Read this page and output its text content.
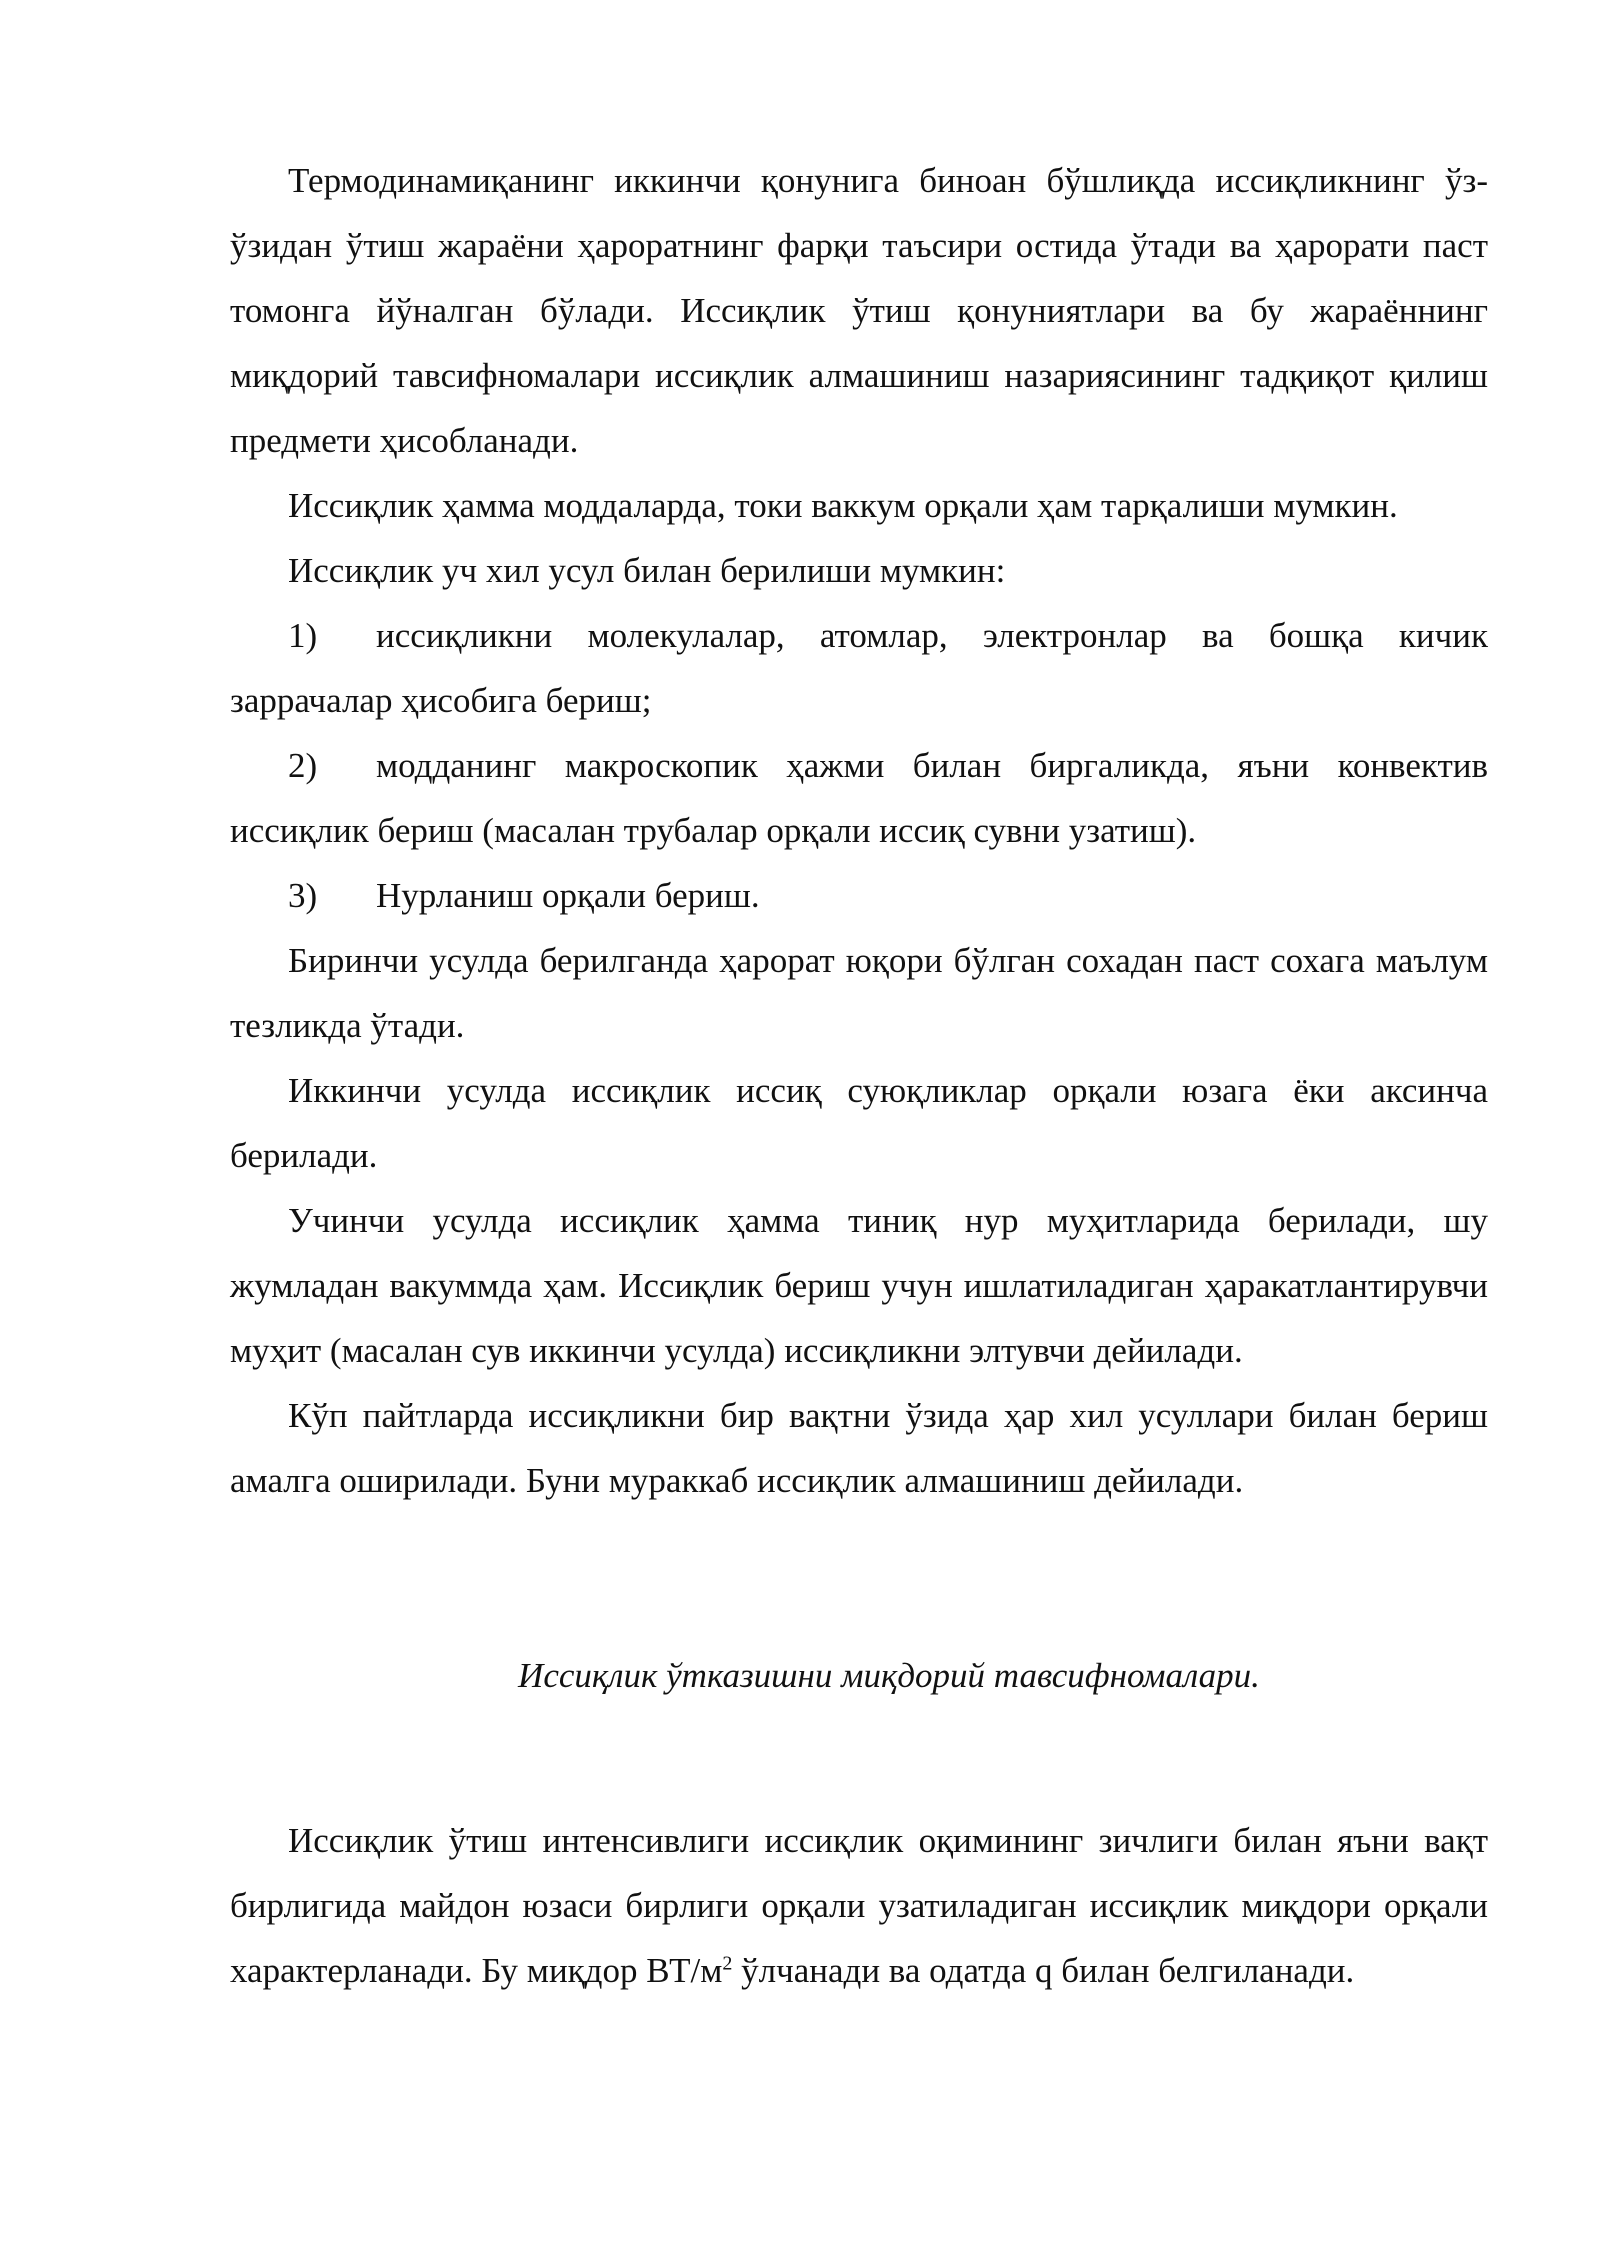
Термодинамиқанинг иккинчи қонунига биноан бўшлиқда иссиқликнинг ўз-ўзидан ўтиш жараёни ҳароратнинг фарқи таъсири остида ўтади ва ҳарорати паст томонга йўналган бўлади. Иссиқлик ўтиш қонуниятлари ва бу жараённинг миқдорий тавсифномалари иссиқлик алмашиниш назариясининг тадқиқот қилиш предмети ҳисобланади.

Иссиқлик ҳамма моддаларда, токи ваккум орқали ҳам тарқалиши мумкин.

Иссиқлик уч хил усул билан берилиши мумкин:

1) иссиқликни молекулалар, атомлар, электронлар ва бошқа кичик заррачалар ҳисобига бериш;

2) модданинг макроскопик ҳажми билан биргаликда, яъни конвектив иссиқлик бериш (масалан трубалар орқали иссиқ сувни узатиш).

3) Нурланиш орқали бериш.

Биринчи усулда берилганда ҳарорат юқори бўлган сохадан паст сохага маълум тезликда ўтади.

Иккинчи усулда иссиқлик иссиқ суюқликлар орқали юзага ёки аксинча берилади.

Учинчи усулда иссиқлик ҳамма тиниқ нур муҳитларида берилади, шу жумладан вакуммда ҳам. Иссиқлик бериш учун ишлатиладиган ҳаракатлантирувчи муҳит (масалан сув иккинчи усулда) иссиқликни элтувчи дейилади.

Кўп пайтларда иссиқликни бир вақтни ўзида ҳар хил усуллари билан бериш амалга оширилади. Буни мураккаб иссиқлик алмашиниш дейилади.

Иссиқлик ўтказишни миқдорий тавсифномалари.

Иссиқлик ўтиш интенсивлиги иссиқлик оқимининг зичлиги билан яъни вақт бирлигида майдон юзаси бирлиги орқали узатиладиган иссиқлик миқдори орқали характерланади. Бу миқдор $ВТ/м^2$ ўлчанади ва одатда q билан белгиланади.
